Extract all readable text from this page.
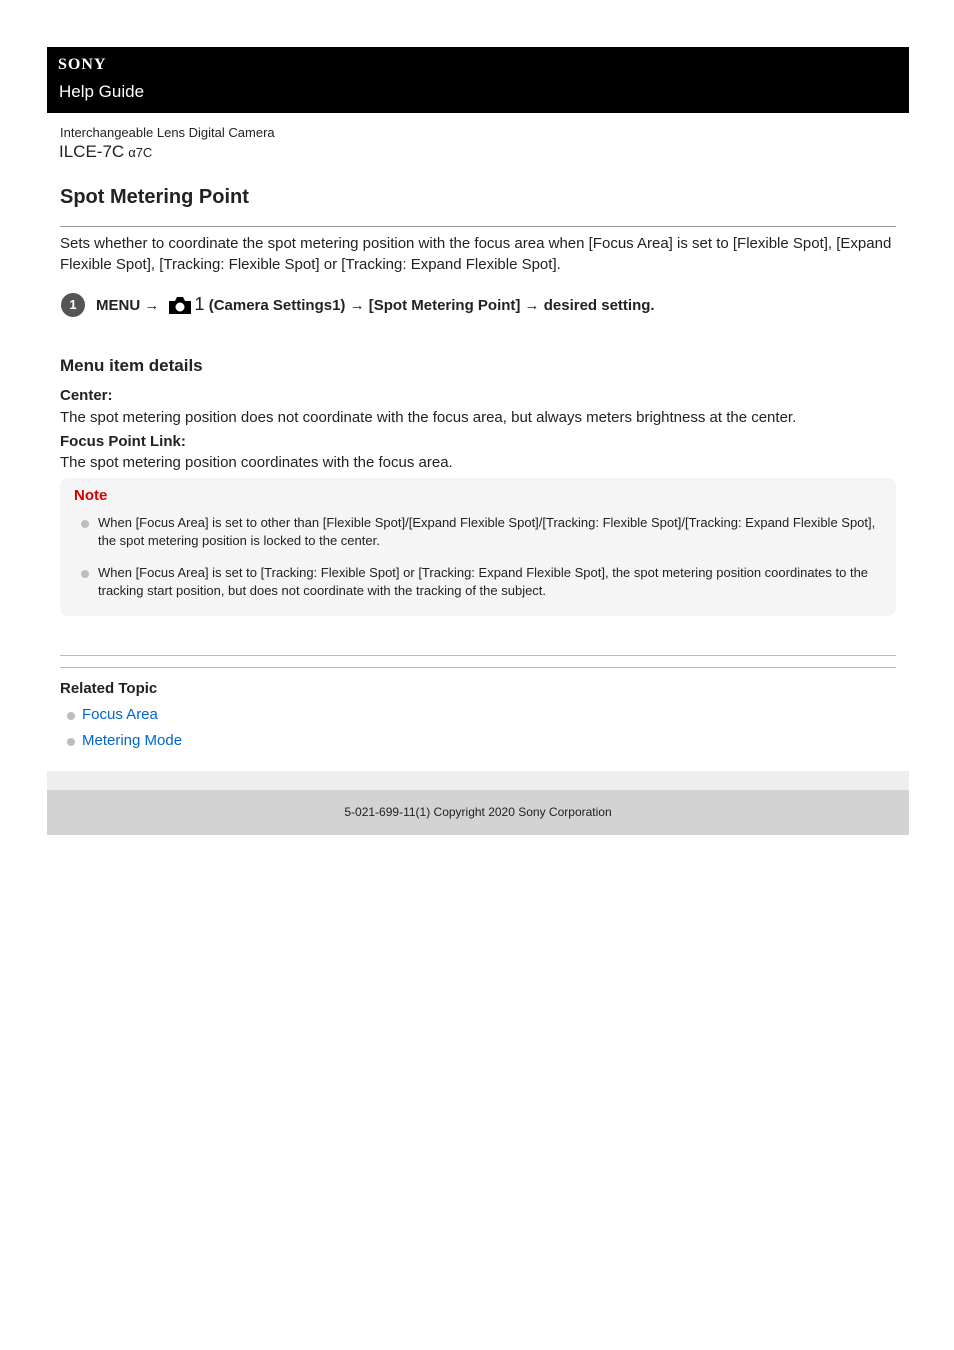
SONY
Help Guide
Interchangeable Lens Digital Camera
ILCE-7C α7C
Spot Metering Point

Sets whether to coordinate the spot metering position with the focus area when [Focus Area] is set to [Flexible Spot], [Expand Flexible Spot], [Tracking: Flexible Spot] or [Tracking: Expand Flexible Spot].

1	MENU → 1 (Camera Settings1) → [Spot Metering Point] → desired setting.
Menu item details
Center:
The spot metering position does not coordinate with the focus area, but always meters brightness at the center.
Focus Point Link:
The spot metering position coordinates with the focus area.
Note
When [Focus Area] is set to other than [Flexible Spot]/[Expand Flexible Spot]/[Tracking: Flexible Spot]/[Tracking: Expand Flexible Spot], the spot metering position is locked to the center.
When [Focus Area] is set to [Tracking: Flexible Spot] or [Tracking: Expand Flexible Spot], the spot metering position coordinates to the tracking start position, but does not coordinate with the tracking of the subject.
Related Topic
Focus Area
Metering Mode
5-021-699-11(1) Copyright 2020 Sony Corporation
